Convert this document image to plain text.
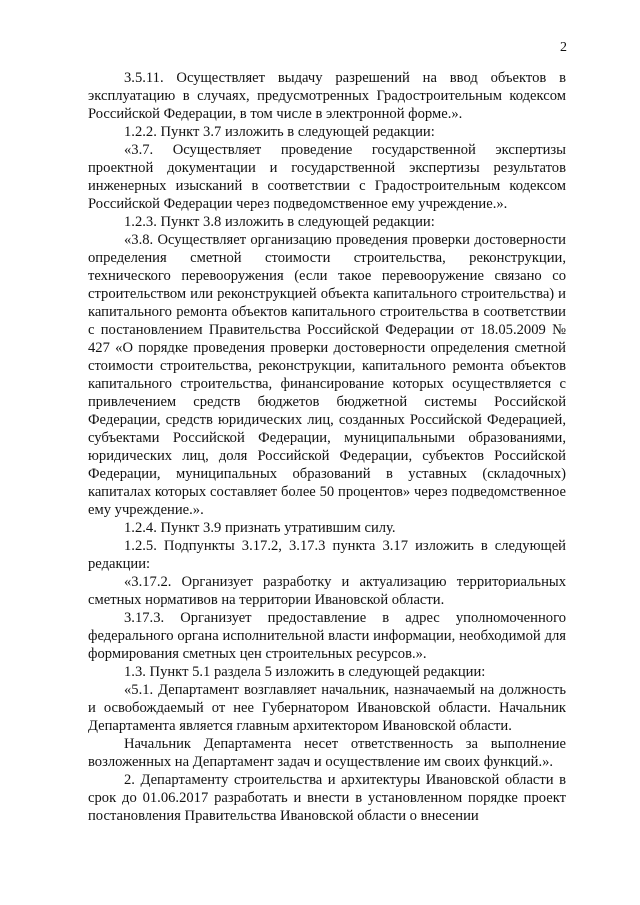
2

3.5.11. Осуществляет выдачу разрешений на ввод объектов в эксплуатацию в случаях, предусмотренных Градостроительным кодексом Российской Федерации, в том числе в электронной форме.».

1.2.2. Пункт 3.7 изложить в следующей редакции:

«3.7. Осуществляет проведение государственной экспертизы проектной документации и государственной экспертизы результатов инженерных изысканий в соответствии с Градостроительным кодексом Российской Федерации через подведомственное ему учреждение.».

1.2.3. Пункт 3.8 изложить в следующей редакции:

«3.8. Осуществляет организацию проведения проверки достоверности определения сметной стоимости строительства, реконструкции, технического перевооружения (если такое перевооружение связано со строительством или реконструкцией объекта капитального строительства) и капитального ремонта объектов капитального строительства в соответствии с постановлением Правительства Российской Федерации от 18.05.2009 № 427 «О порядке проведения проверки достоверности определения сметной стоимости строительства, реконструкции, капитального ремонта объектов капитального строительства, финансирование которых осуществляется с привлечением средств бюджетов бюджетной системы Российской Федерации, средств юридических лиц, созданных Российской Федерацией, субъектами Российской Федерации, муниципальными образованиями, юридических лиц, доля Российской Федерации, субъектов Российской Федерации, муниципальных образований в уставных (складочных) капиталах которых составляет более 50 процентов» через подведомственное ему учреждение.».

1.2.4. Пункт 3.9 признать утратившим силу.

1.2.5. Подпункты 3.17.2, 3.17.3 пункта 3.17 изложить в следующей редакции:

«3.17.2. Организует разработку и актуализацию территориальных сметных нормативов на территории Ивановской области.

3.17.3. Организует предоставление в адрес уполномоченного федерального органа исполнительной власти информации, необходимой для формирования сметных цен строительных ресурсов.».

1.3. Пункт 5.1 раздела 5 изложить в следующей редакции:

«5.1. Департамент возглавляет начальник, назначаемый на должность и освобождаемый от нее Губернатором Ивановской области. Начальник Департамента является главным архитектором Ивановской области.

Начальник Департамента несет ответственность за выполнение возложенных на Департамент задач и осуществление им своих функций.».

2. Департаменту строительства и архитектуры Ивановской области в срок до 01.06.2017 разработать и внести в установленном порядке проект постановления Правительства Ивановской области о внесении
